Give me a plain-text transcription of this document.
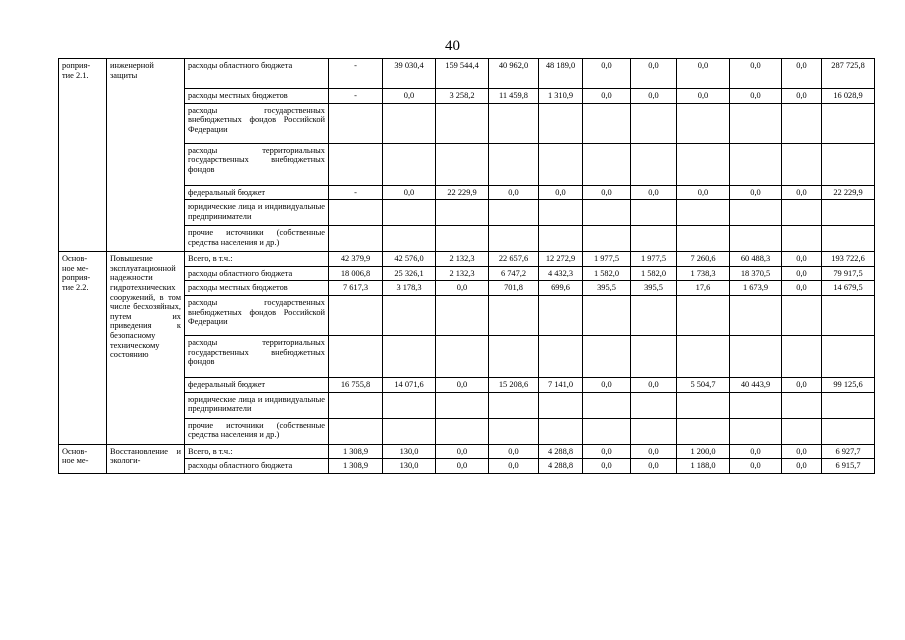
40
роприя-
тие 2.1.	инженерной защиты	расходы областного бюджета	-	39 030,4	159 544,4	40 962,0	48 189,0	0,0	0,0	0,0	0,0	0,0	287 725,8
		расходы местных бюджетов	-	0,0	3 258,2	11 459,8	1 310,9	0,0	0,0	0,0	0,0	0,0	16 028,9
		расходы государственных внебюджетных фондов Российской Федерации											
		расходы территориальных государственных внебюджетных фондов											
		федеральный бюджет	-	0,0	22 229,9	0,0	0,0	0,0	0,0	0,0	0,0	0,0	22 229,9
		юридические лица и индивидуальные предприниматели											
		прочие источники (собственные средства населения и др.)											
Основ-
ное ме-
роприя-
тие 2.2.	Повышение эксплуатационной надежности гидротехнических сооружений, в том числе бесхозяйных, путем их приведения к безопасному техническому состоянию	Всего, в т.ч.:	42 379,9	42 576,0	2 132,3	22 657,6	12 272,9	1 977,5	1 977,5	7 260,6	60 488,3	0,0	193 722,6
		расходы областного бюджета	18 006,8	25 326,1	2 132,3	6 747,2	4 432,3	1 582,0	1 582,0	1 738,3	18 370,5	0,0	79 917,5
		расходы местных бюджетов	7 617,3	3 178,3	0,0	701,8	699,6	395,5	395,5	17,6	1 673,9	0,0	14 679,5
		расходы государственных внебюджетных фондов Российской Федерации											
		расходы территориальных государственных внебюджетных фондов											
		федеральный бюджет	16 755,8	14 071,6	0,0	15 208,6	7 141,0	0,0	0,0	5 504,7	40 443,9	0,0	99 125,6
		юридические лица и индивидуальные предприниматели											
		прочие источники (собственные средства населения и др.)											
Основ-
ное ме-	Восстановление и экологи-	Всего, в т.ч.:	1 308,9	130,0	0,0	0,0	4 288,8	0,0	0,0	1 200,0	0,0	0,0	6 927,7
		расходы областного бюджета	1 308,9	130,0	0,0	0,0	4 288,8	0,0	0,0	1 188,0	0,0	0,0	6 915,7
